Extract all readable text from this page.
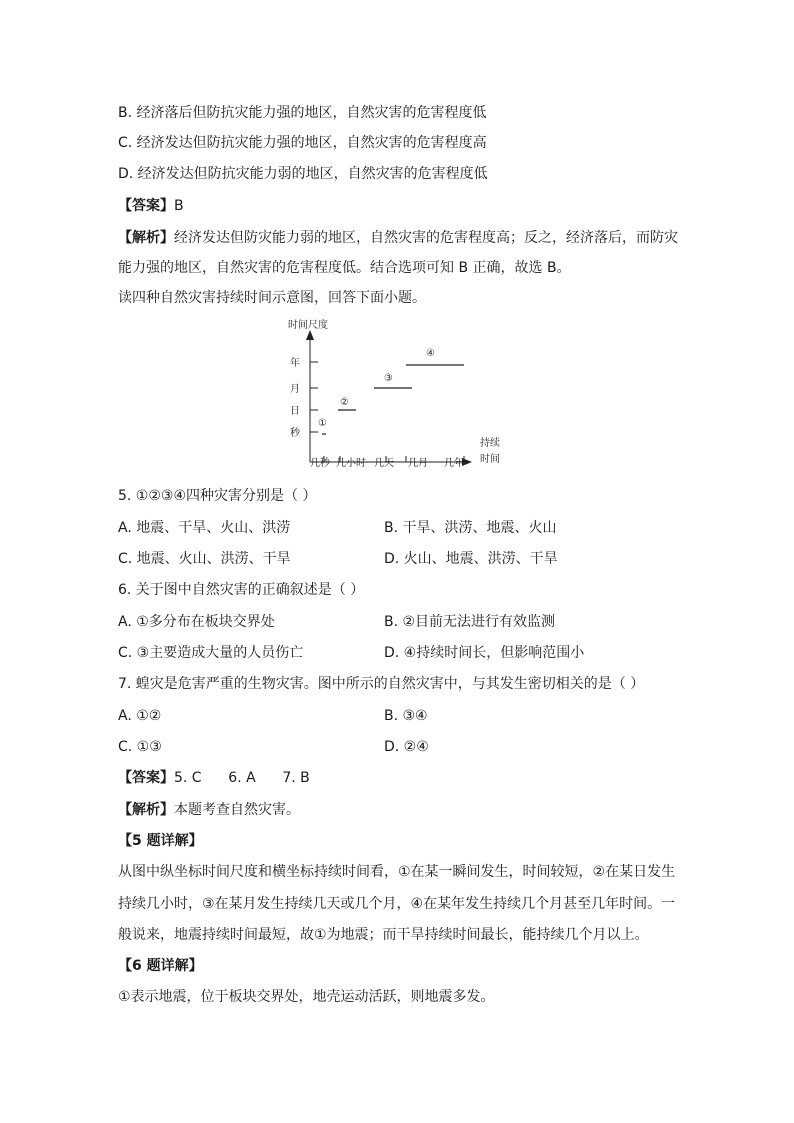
B. 经济落后但防抗灾能力强的地区，自然灾害的危害程度低
C. 经济发达但防抗灾能力强的地区，自然灾害的危害程度高
D. 经济发达但防抗灾能力弱的地区，自然灾害的危害程度低
【答案】B
【解析】经济发达但防灾能力弱的地区，自然灾害的危害程度高；反之，经济落后，而防灾
能力强的地区，自然灾害的危害程度低。结合选项可知 B 正确，故选 B。
读四种自然灾害持续时间示意图，回答下面小题。
时间尺度
持续
时间
年
月
日
秒
几秒 几小时 几天 几月 几年
①
②
③
④
5. ①②③④四种灾害分别是（ ）
A. 地震、干旱、火山、洪涝	B. 干旱、洪涝、地震、火山
C. 地震、火山、洪涝、干旱	D. 火山、地震、洪涝、干旱
6. 关于图中自然灾害的正确叙述是（ ）
A. ①多分布在板块交界处	B. ②目前无法进行有效监测
C. ③主要造成大量的人员伤亡	D. ④持续时间长，但影响范围小
7. 蝗灾是危害严重的生物灾害。图中所示的自然灾害中，与其发生密切相关的是（ ）
A. ①②	B. ③④
C. ①③	D. ②④
【答案】5. C      6. A      7. B
【解析】本题考查自然灾害。
【5 题详解】
从图中纵坐标时间尺度和横坐标持续时间看，①在某一瞬间发生，时间较短，②在某日发生
持续几小时，③在某月发生持续几天或几个月，④在某年发生持续几个月甚至几年时间。一
般说来，地震持续时间最短，故①为地震；而干旱持续时间最长，能持续几个月以上。
【6 题详解】
①表示地震，位于板块交界处，地壳运动活跃，则地震多发。
